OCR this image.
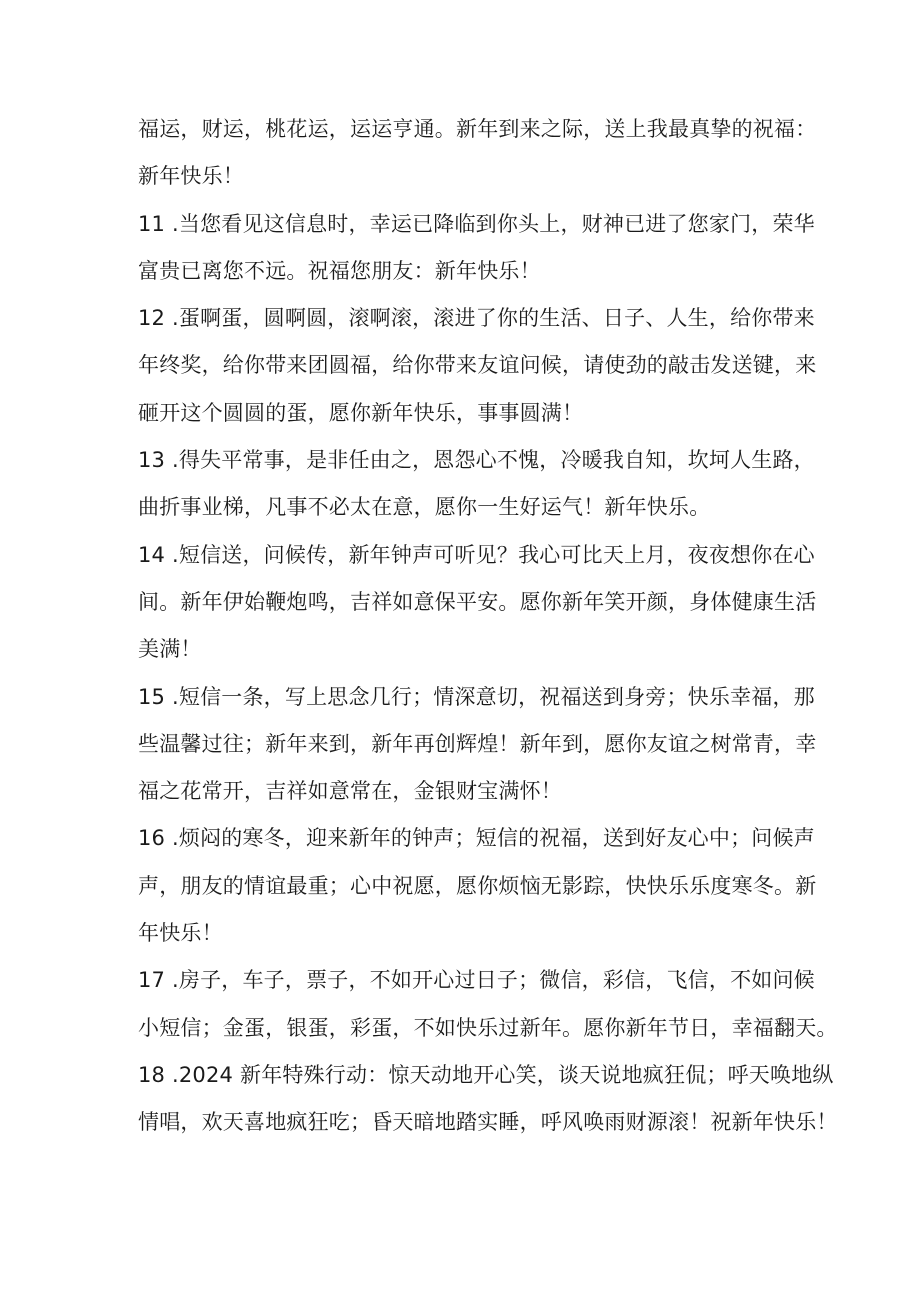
福运，财运，桃花运，运运亨通。新年到来之际，送上我最真挚的祝福：
新年快乐！
11 .当您看见这信息时，幸运已降临到你头上，财神已进了您家门，荣华
富贵已离您不远。祝福您朋友：新年快乐！
12 .蛋啊蛋，圆啊圆，滚啊滚，滚进了你的生活、日子、人生，给你带来
年终奖，给你带来团圆福，给你带来友谊问候，请使劲的敲击发送键，来
砸开这个圆圆的蛋，愿你新年快乐，事事圆满！
13 .得失平常事，是非任由之，恩怨心不愧，冷暖我自知，坎坷人生路，
曲折事业梯，凡事不必太在意，愿你一生好运气！新年快乐。
14 .短信送，问候传，新年钟声可听见？我心可比天上月，夜夜想你在心
间。新年伊始鞭炮鸣，吉祥如意保平安。愿你新年笑开颜，身体健康生活
美满！
15 .短信一条，写上思念几行；情深意切，祝福送到身旁；快乐幸福，那
些温馨过往；新年来到，新年再创辉煌！新年到，愿你友谊之树常青，幸
福之花常开，吉祥如意常在，金银财宝满怀！
16 .烦闷的寒冬，迎来新年的钟声；短信的祝福，送到好友心中；问候声
声，朋友的情谊最重；心中祝愿，愿你烦恼无影踪，快快乐乐度寒冬。新
年快乐！
17 .房子，车子，票子，不如开心过日子；微信，彩信，飞信，不如问候
小短信；金蛋，银蛋，彩蛋，不如快乐过新年。愿你新年节日，幸福翻天。
18 .2024 新年特殊行动：惊天动地开心笑，谈天说地疯狂侃；呼天唤地纵
情唱，欢天喜地疯狂吃；昏天暗地踏实睡，呼风唤雨财源滚！祝新年快乐！
